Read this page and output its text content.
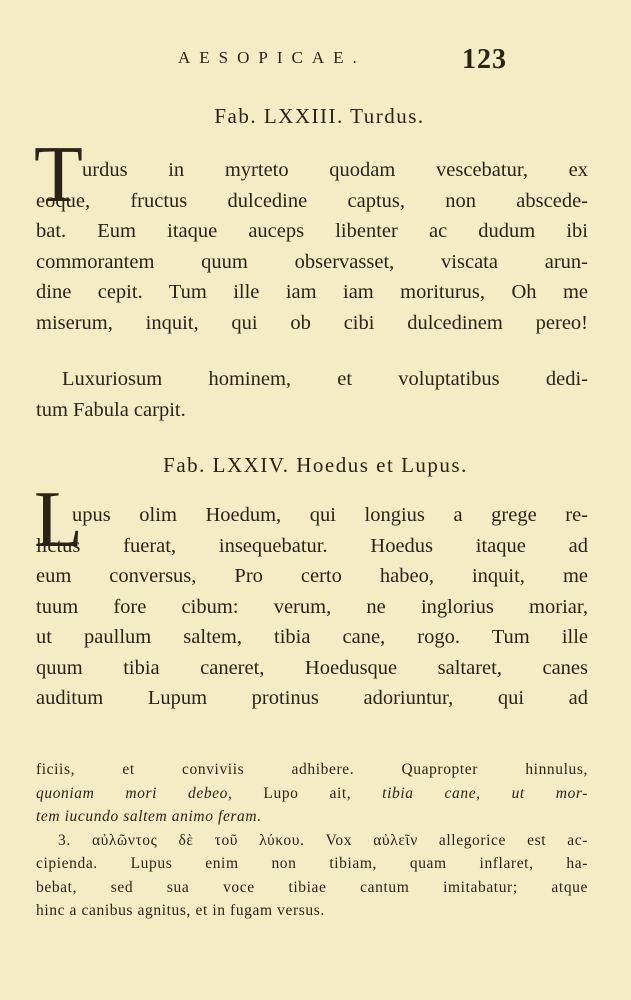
AESOPICAE.	123
Fab. LXXIII. Turdus.
T urdus in myrteto quodam vescebatur, ex
eoque, fructus dulcedine captus, non abscede-
bat. Eum itaque auceps libenter ac dudum ibi
commorantem quum observasset, viscata arun-
dine cepit. Tum ille iam iam moriturus, Oh me
miserum, inquit, qui ob cibi dulcedinem pereo!
Luxuriosum hominem, et voluptatibus dedi-
tum Fabula carpit.
Fab. LXXIV. Hoedus et Lupus.
L
upus olim Hoedum, qui longius a grege re-
lictus fuerat, insequebatur. Hoedus itaque ad
eum conversus, Pro certo habeo, inquit, me
tuum fore cibum: verum, ne inglorius moriar,
ut paullum saltem, tibia cane, rogo. Tum ille
quum tibia caneret, Hoedusque saltaret, canes
auditum Lupum protinus adoriuntur, qui ad
ficiis, et conviviis adhibere. Quapropter hinnulus,
quoniam mori debeo, Lupo ait, tibia cane, ut mor-
tem iucundo saltem animo feram.
3. αὐλῶντος δὲ τοῦ λύκου. Vox αὐλεῖν allegorice est ac-
cipienda. Lupus enim non tibiam, quam inflaret, ha-
bebat, sed sua voce tibiae cantum imitabatur; atque
hinc a canibus agnitus, et in fugam versus.
